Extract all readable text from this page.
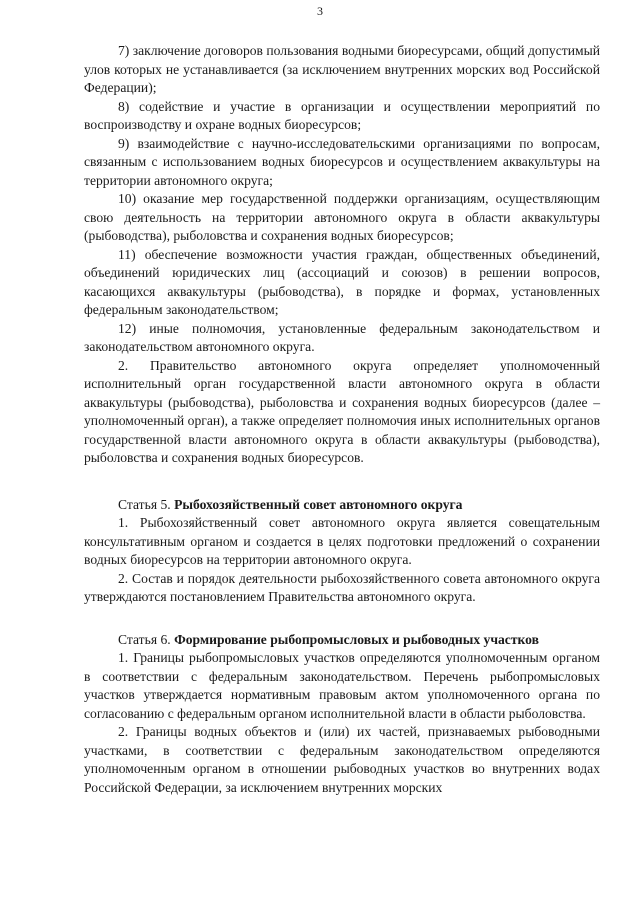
3

7) заключение договоров пользования водными биоресурсами, общий допустимый улов которых не устанавливается (за исключением внутренних морских вод Российской Федерации);

8) содействие и участие в организации и осуществлении мероприятий по воспроизводству и охране водных биоресурсов;

9) взаимодействие с научно-исследовательскими организациями по вопросам, связанным с использованием водных биоресурсов и осуществлением аквакультуры на территории автономного округа;

10) оказание мер государственной поддержки организациям, осуществляющим свою деятельность на территории автономного округа в области аквакультуры (рыбоводства), рыболовства и сохранения водных биоресурсов;

11) обеспечение возможности участия граждан, общественных объединений, объединений юридических лиц (ассоциаций и союзов) в решении вопросов, касающихся аквакультуры (рыбоводства), в порядке и формах, установленных федеральным законодательством;

12) иные полномочия, установленные федеральным законодательством и законодательством автономного округа.

2. Правительство автономного округа определяет уполномоченный исполнительный орган государственной власти автономного округа в области аквакультуры (рыбоводства), рыболовства и сохранения водных биоресурсов (далее – уполномоченный орган), а также определяет полномочия иных исполнительных органов государственной власти автономного округа в области аквакультуры (рыбоводства), рыболовства и сохранения водных биоресурсов.

Статья 5. Рыбохозяйственный совет автономного округа

1. Рыбохозяйственный совет автономного округа является совещательным консультативным органом и создается в целях подготовки предложений о сохранении водных биоресурсов на территории автономного округа.

2. Состав и порядок деятельности рыбохозяйственного совета автономного округа утверждаются постановлением Правительства автономного округа.

Статья 6. Формирование рыбопромысловых и рыбоводных участков

1. Границы рыбопромысловых участков определяются уполномоченным органом в соответствии с федеральным законодательством. Перечень рыбопромысловых участков утверждается нормативным правовым актом уполномоченного органа по согласованию с федеральным органом исполнительной власти в области рыболовства.

2. Границы водных объектов и (или) их частей, признаваемых рыбоводными участками, в соответствии с федеральным законодательством определяются уполномоченным органом в отношении рыбоводных участков во внутренних водах Российской Федерации, за исключением внутренних морских
